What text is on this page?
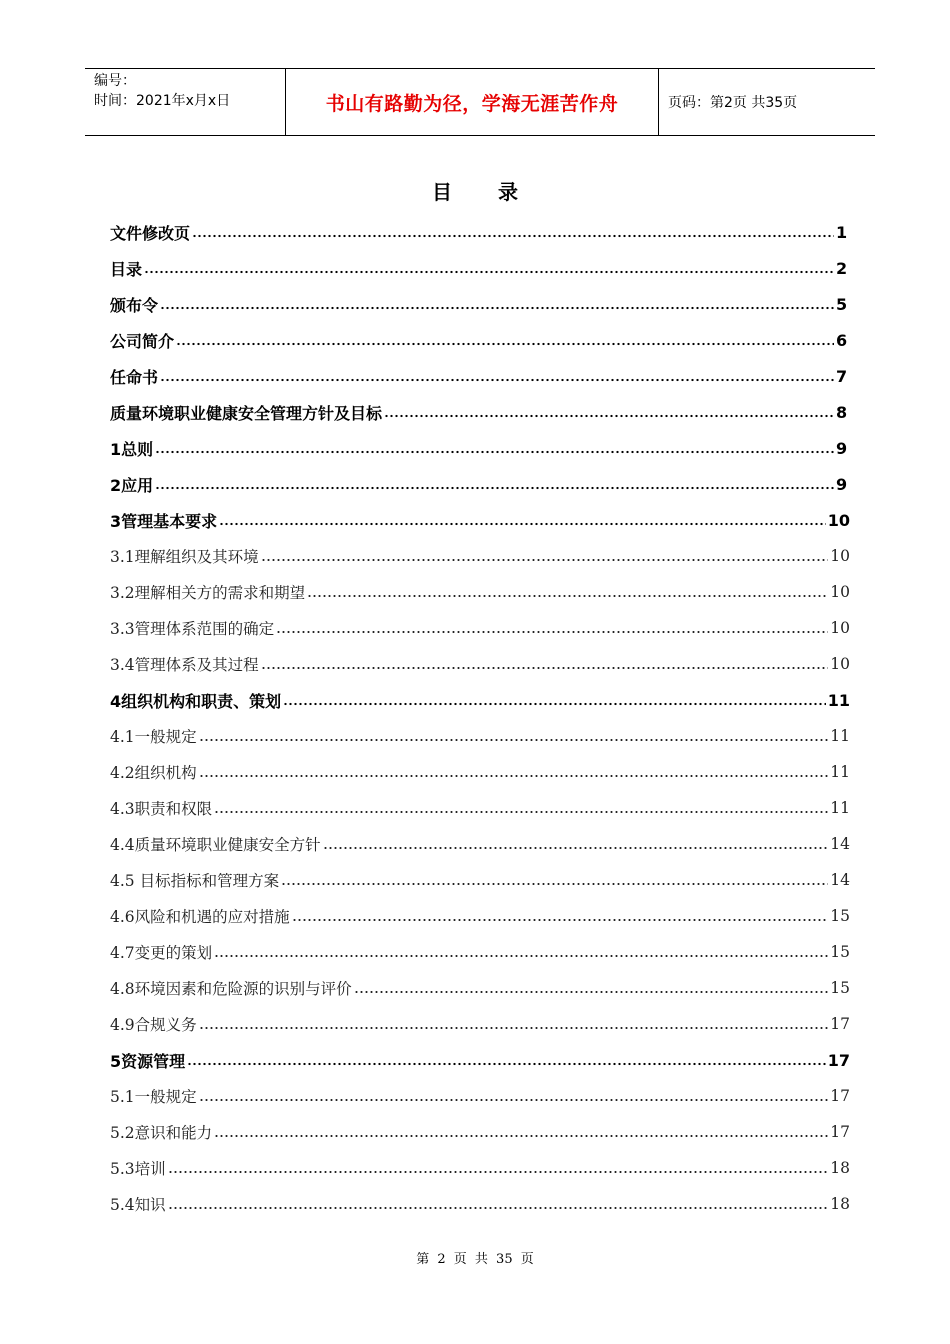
编号：
时间：2021年x月x日	书山有路勤为径，学海无涯苦作舟	页码：第2页 共35页
目录
文件修改页	1
目录	2
颁布令	5
公司简介	6
任命书	7
质量环境职业健康安全管理方针及目标	8
1总则	9
2应用	9
3管理基本要求	10
3.1理解组织及其环境	10
3.2理解相关方的需求和期望	10
3.3管理体系范围的确定	10
3.4管理体系及其过程	10
4组织机构和职责、策划	11
4.1一般规定	11
4.2组织机构	11
4.3职责和权限	11
4.4质量环境职业健康安全方针	14
4.5 目标指标和管理方案	14
4.6风险和机遇的应对措施	15
4.7变更的策划	15
4.8环境因素和危险源的识别与评价	15
4.9合规义务	17
5资源管理	17
5.1一般规定	17
5.2意识和能力	17
5.3培训	18
5.4知识	18
第 2 页 共 35 页
